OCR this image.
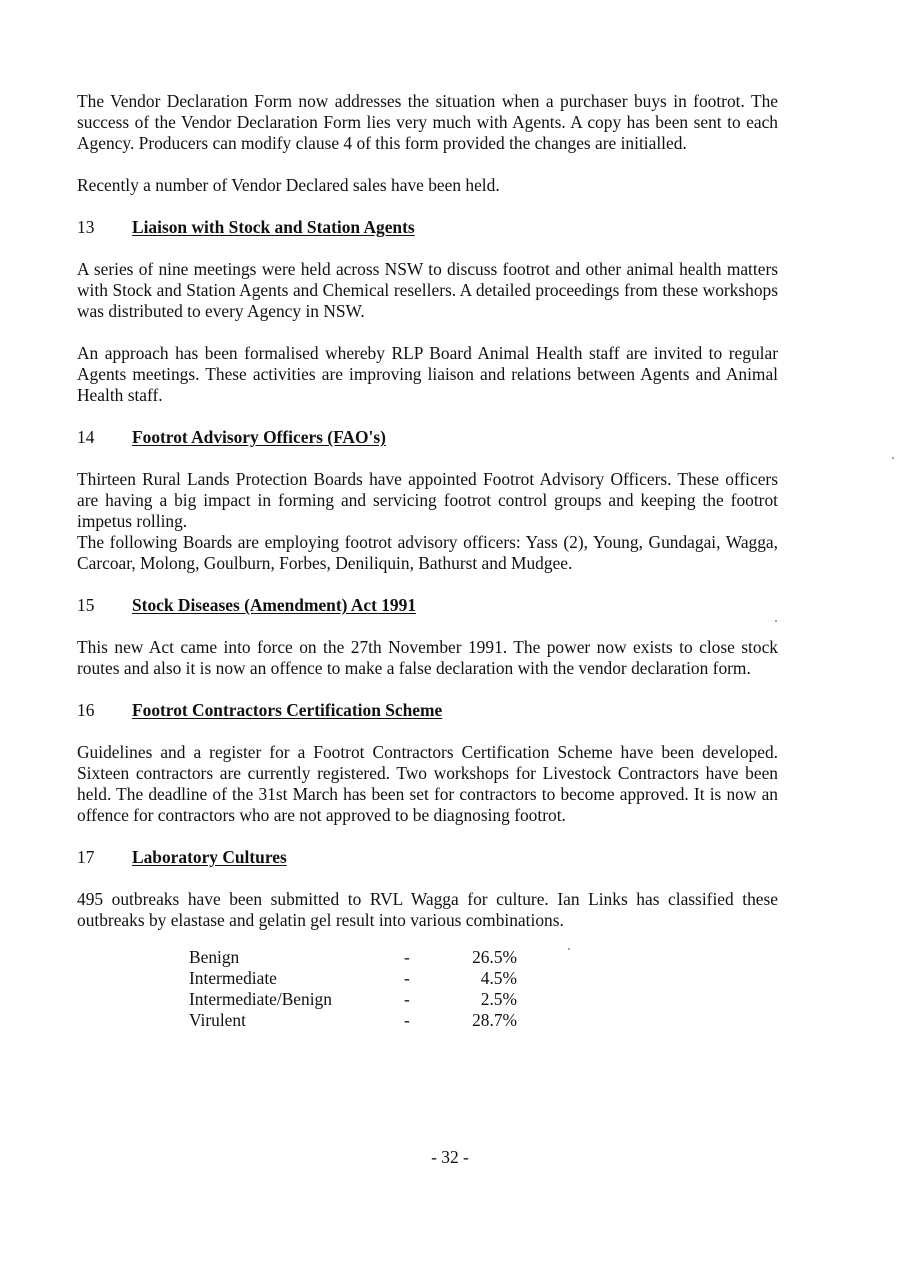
The Vendor Declaration Form now addresses the situation when a purchaser buys in footrot. The success of the Vendor Declaration Form lies very much with Agents. A copy has been sent to each Agency. Producers can modify clause 4 of this form provided the changes are initialled.

Recently a number of Vendor Declared sales have been held.

13	Liaison with Stock and Station Agents

A series of nine meetings were held across NSW to discuss footrot and other animal health matters with Stock and Station Agents and Chemical resellers. A detailed proceedings from these workshops was distributed to every Agency in NSW.

An approach has been formalised whereby RLP Board Animal Health staff are invited to regular Agents meetings. These activities are improving liaison and relations between Agents and Animal Health staff.

14	Footrot Advisory Officers (FAO's)

Thirteen Rural Lands Protection Boards have appointed Footrot Advisory Officers. These officers are having a big impact in forming and servicing footrot control groups and keeping the footrot impetus rolling.

The following Boards are employing footrot advisory officers: Yass (2), Young, Gundagai, Wagga, Carcoar, Molong, Goulburn, Forbes, Deniliquin, Bathurst and Mudgee.

15	Stock Diseases (Amendment) Act 1991

This new Act came into force on the 27th November 1991. The power now exists to close stock routes and also it is now an offence to make a false declaration with the vendor declaration form.

16	Footrot Contractors Certification Scheme

Guidelines and a register for a Footrot Contractors Certification Scheme have been developed. Sixteen contractors are currently registered. Two workshops for Livestock Contractors have been held. The deadline of the 31st March has been set for contractors to become approved. It is now an offence for contractors who are not approved to be diagnosing footrot.

17	Laboratory Cultures

495 outbreaks have been submitted to RVL Wagga for culture. Ian Links has classified these outbreaks by elastase and gelatin gel result into various combinations.

Benign	-	26.5%
Intermediate	-	4.5%
Intermediate/Benign	-	2.5%
Virulent	-	28.7%
- 32 -
